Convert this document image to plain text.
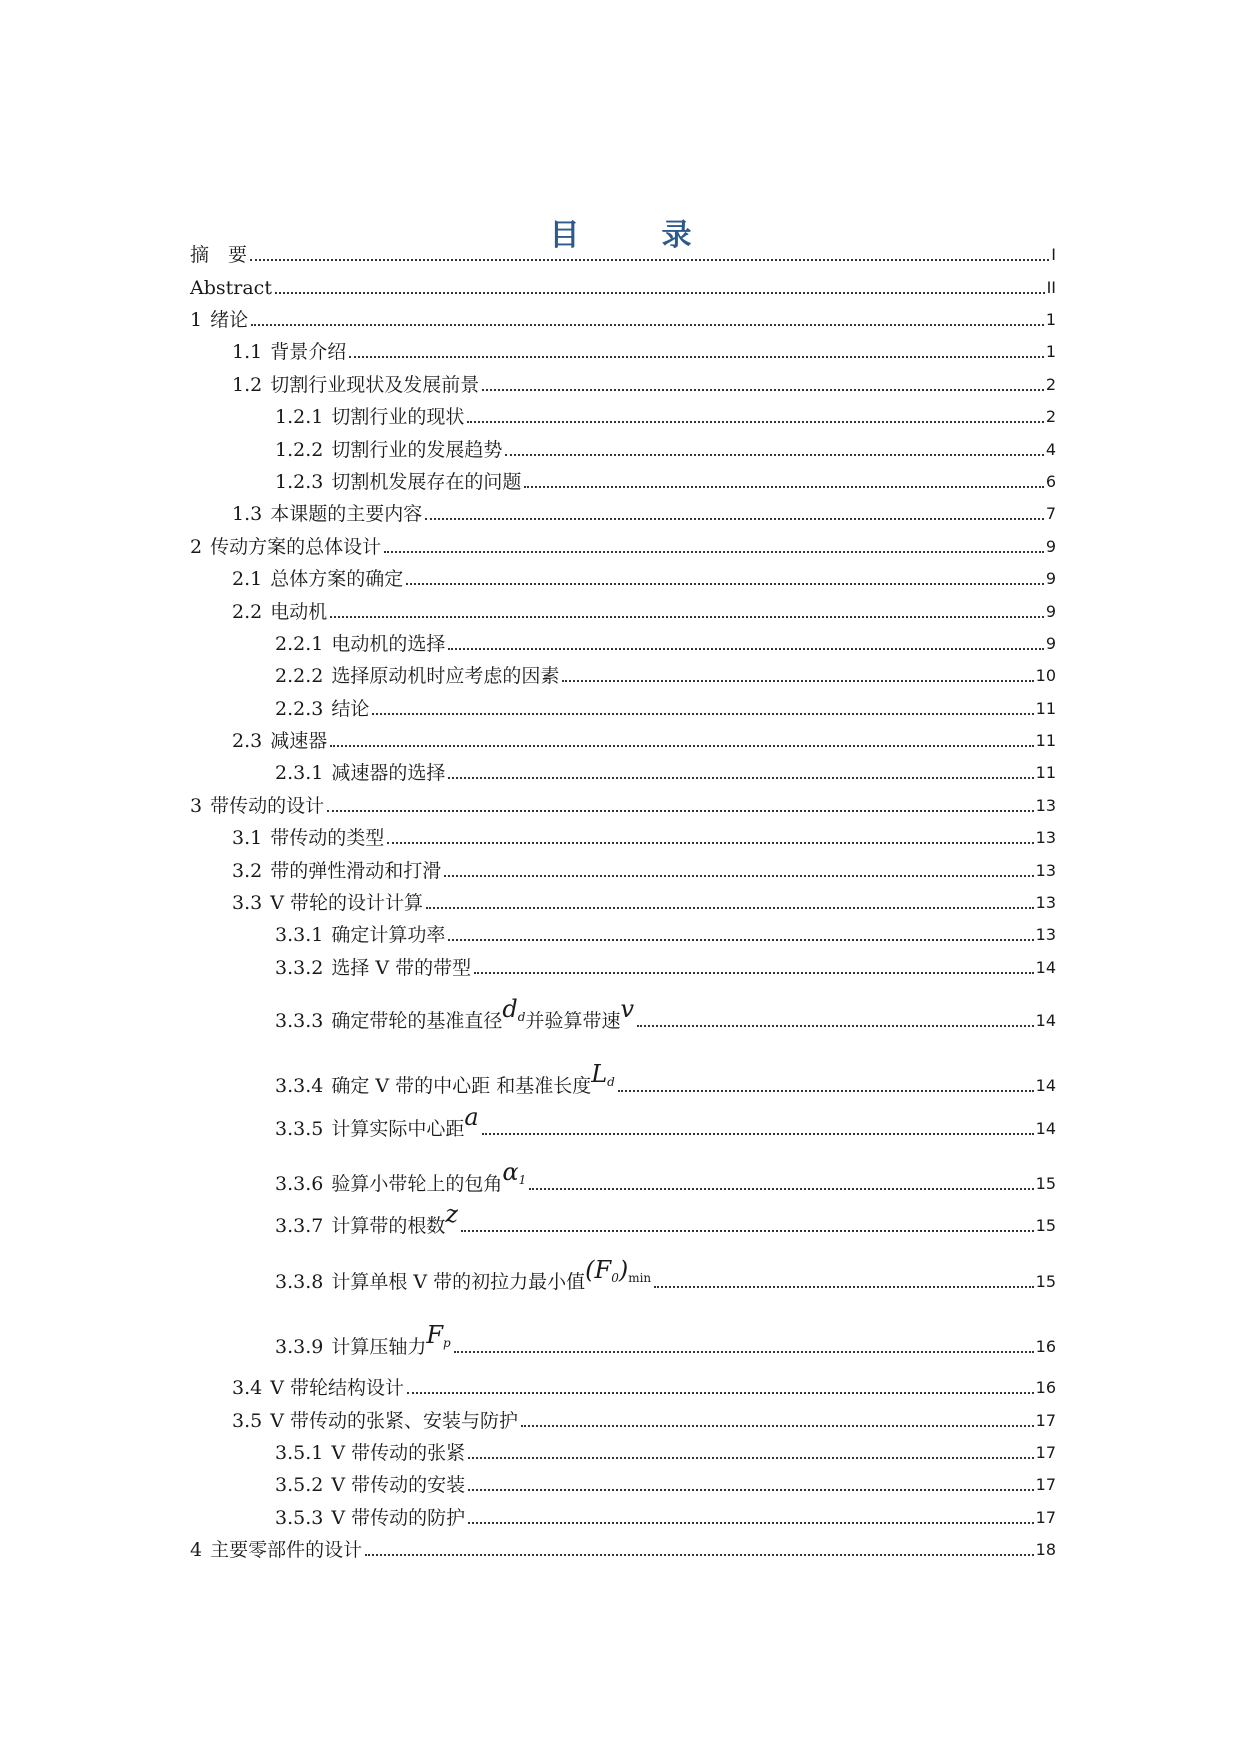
目　录
摘　要	I
Abstract	II
1 绪论	1
1.1 背景介绍	1
1.2 切割行业现状及发展前景	2
1.2.1 切割行业的现状	2
1.2.2 切割行业的发展趋势	4
1.2.3 切割机发展存在的问题	6
1.3 本课题的主要内容	7
2 传动方案的总体设计	9
2.1 总体方案的确定	9
2.2 电动机	9
2.2.1 电动机的选择	9
2.2.2 选择原动机时应考虑的因素	10
2.2.3 结论	11
2.3 减速器	11
2.3.1 减速器的选择	11
3 带传动的设计	13
3.1 带传动的类型	13
3.2 带的弹性滑动和打滑	13
3.3 V 带轮的设计计算	13
3.3.1 确定计算功率	13
3.3.2 选择 V 带的带型	14
3.3.3 确定带轮的基准直径 d d 并验算带速 v	14
3.3.4 确定 V 带的中心距 和基准长度 L d	14
3.3.5 计算实际中心距 a	14
3.3.6 验算小带轮上的包角 α 1	15
3.3.7 计算带的根数 z	15
3.3.8 计算单根 V 带的初拉力最小值 (F 0 ) min	15
3.3.9 计算压轴力 F p	16
3.4 V 带轮结构设计	16
3.5 V 带传动的张紧、安装与防护	17
3.5.1 V 带传动的张紧	17
3.5.2 V 带传动的安装	17
3.5.3 V 带传动的防护	17
4 主要零部件的设计	18
